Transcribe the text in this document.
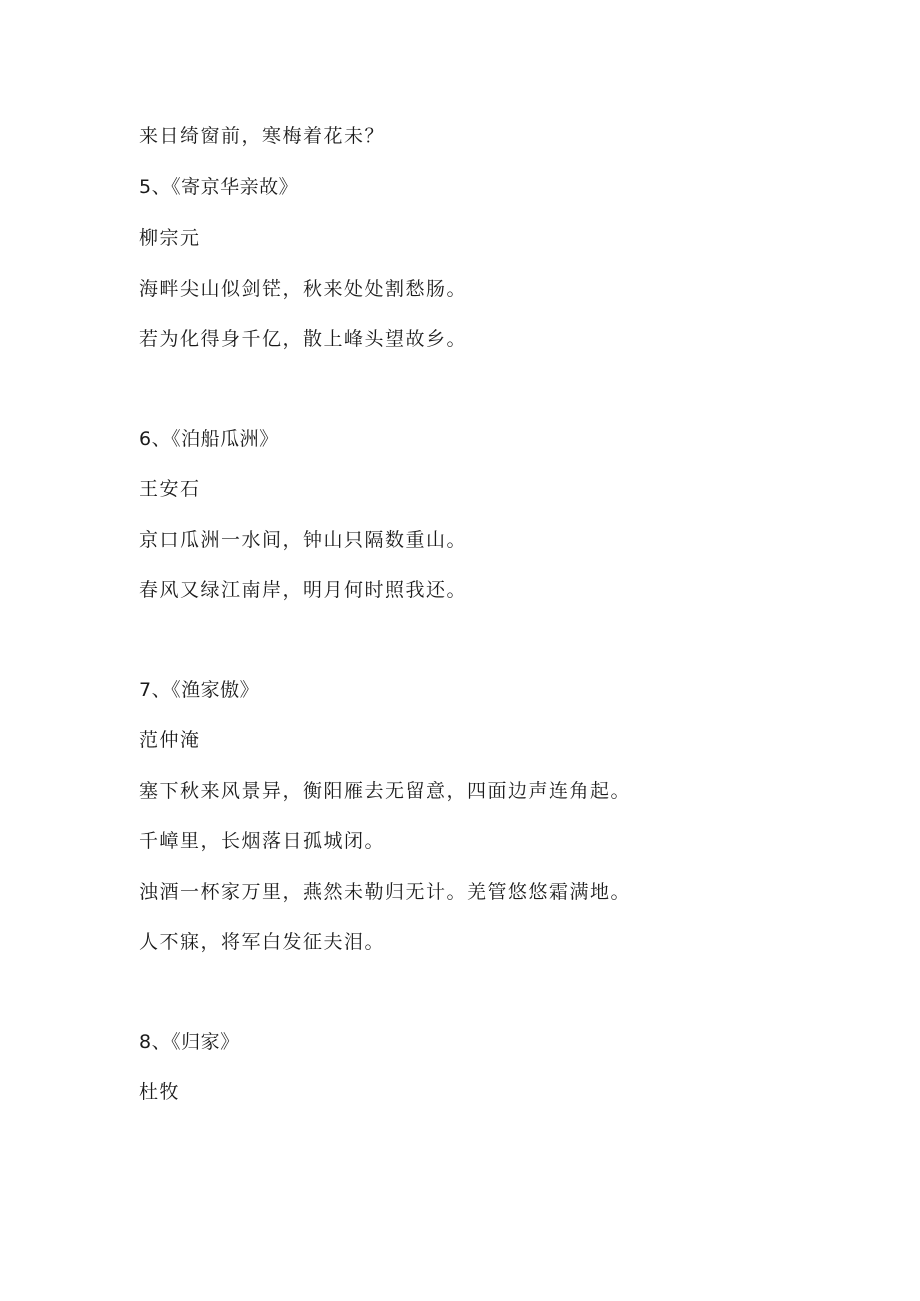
来日绮窗前，寒梅着花未？
5、《寄京华亲故》
柳宗元
海畔尖山似剑铓，秋来处处割愁肠。
若为化得身千亿，散上峰头望故乡。
6、《泊船瓜洲》
王安石
京口瓜洲一水间，钟山只隔数重山。
春风又绿江南岸，明月何时照我还。
7、《渔家傲》
范仲淹
塞下秋来风景异，衡阳雁去无留意，四面边声连角起。
千嶂里，长烟落日孤城闭。
浊酒一杯家万里，燕然未勒归无计。羌管悠悠霜满地。
人不寐，将军白发征夫泪。
8、《归家》
杜牧
